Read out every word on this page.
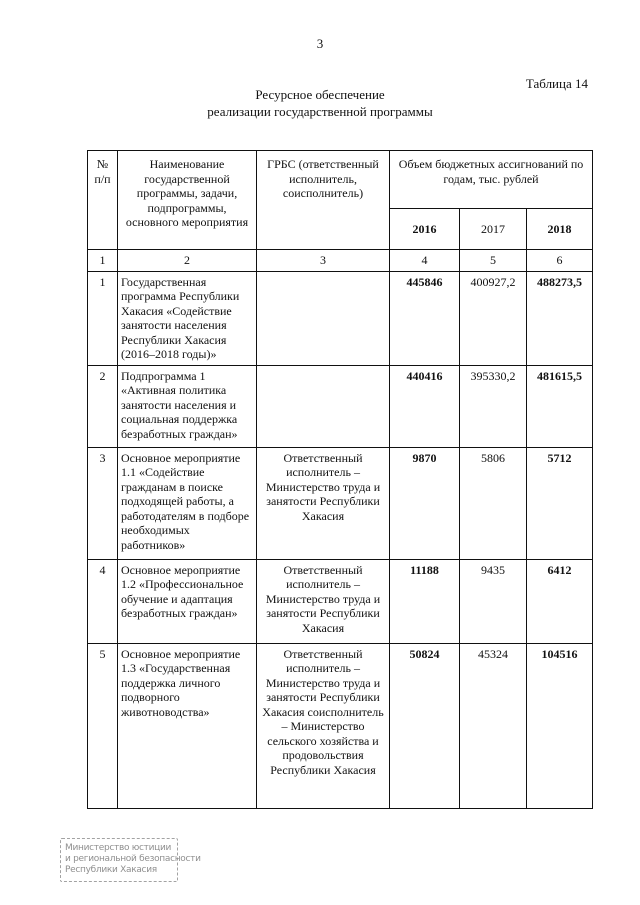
3
Таблица 14
Ресурсное обеспечение
реализации государственной программы
№ п/п	Наименование государственной программы, задачи, подпрограммы, основного мероприятия	ГРБС (ответственный исполнитель, соисполнитель)	Объем бюджетных ассигнований по годам, тыс. рублей		
			2016	2017	2018
1	2	3	4	5	6
1	Государственная программа Республики Хакасия «Содействие занятости населения Республики Хакасия (2016–2018 годы)»		445846	400927,2	488273,5
2	Подпрограмма 1 «Активная политика занятости населения и социальная поддержка безработных граждан»		440416	395330,2	481615,5
3	Основное мероприятие 1.1 «Содействие гражданам в поиске подходящей работы, а работодателям в подборе необходимых работников»	Ответственный исполнитель – Министерство труда и занятости Республики Хакасия	9870	5806	5712
4	Основное мероприятие 1.2 «Профессиональное обучение и адаптация безработных граждан»	Ответственный исполнитель – Министерство труда и занятости Республики Хакасия	11188	9435	6412
5	Основное мероприятие 1.3 «Государственная поддержка личного подворного животноводства»	Ответственный исполнитель – Министерство труда и занятости Республики Хакасия соисполнитель – Министерство сельского хозяйства и продовольствия Республики Хакасия	50824	45324	104516
Министерство юстиции
и региональной безопасности
Республики Хакасия
